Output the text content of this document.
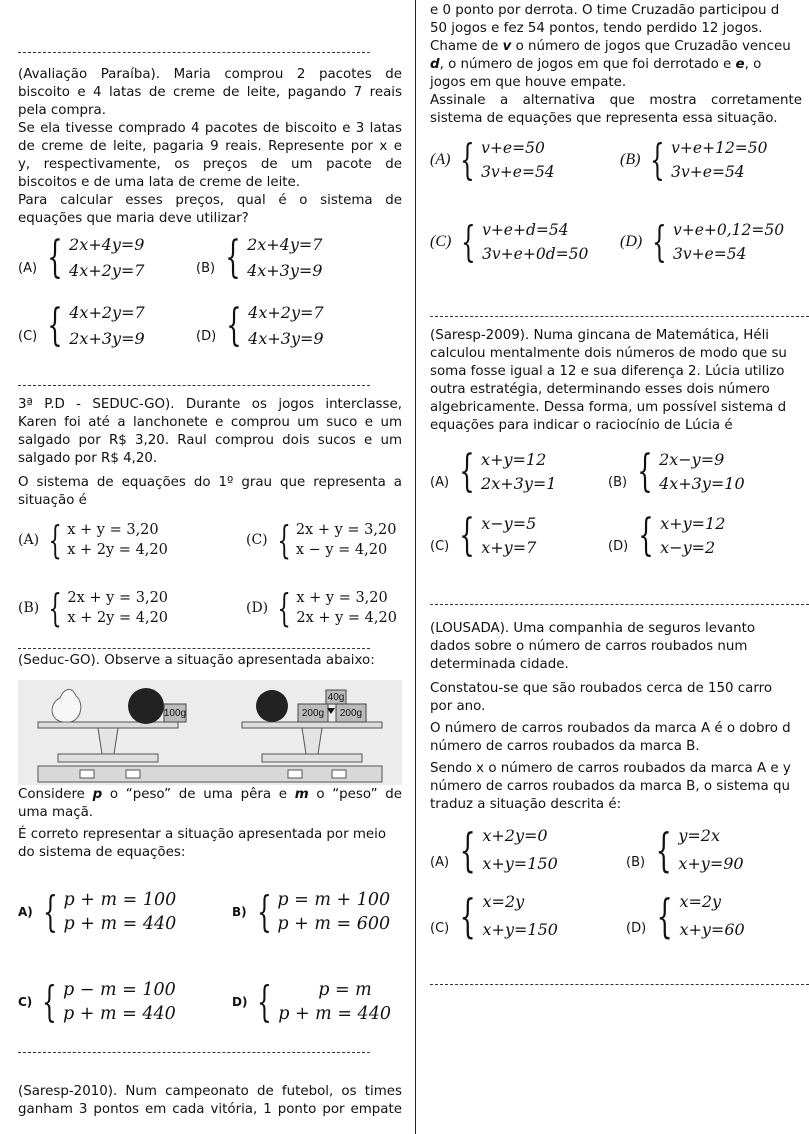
(Avaliação Paraíba). Maria comprou 2 pacotes de
biscoito e 4 latas de creme de leite, pagando 7 reais
pela compra.
Se ela tivesse comprado 4 pacotes de biscoito e 3 latas
de creme de leite, pagaria 9 reais. Represente por x e
y, respectivamente, os preços de um pacote de
biscoitos e de uma lata de creme de leite.
Para calcular esses preços, qual é o sistema de
equações que maria deve utilizar?
(A) { 2x+4y=9
4x+2y=7	(B) { 2x+4y=7
4x+3y=9
(C) { 4x+2y=7
2x+3y=9	(D) { 4x+2y=7
4x+3y=9
3ª P.D - SEDUC-GO). Durante os jogos interclasse,
Karen foi até a lanchonete e comprou um suco e um
salgado por R$ 3,20. Raul comprou dois sucos e um
salgado por R$ 4,20.
O sistema de equações do 1º grau que representa a
situação é
(A) { x + y = 3,20
x + 2y = 4,20
(C) { 2x + y = 3,20
x − y = 4,20
(B) { 2x + y = 3,20
x + 2y = 4,20
(D) { x + y = 3,20
2x + y = 4,20
(Seduc-GO). Observe a situação apresentada abaixo:
100g
40g
200g 200g
Considere p o “peso” de uma pêra e m o “peso” de
uma maçã.
É correto representar a situação apresentada por meio
do sistema de equações:
A) { p + m = 100
p + m = 440
B) { p = m + 100
p + m = 600
C) { p − m = 100
p + m = 440
D) {	p = m
p + m = 440
(Saresp-2010). Num campeonato de futebol, os times
ganham 3 pontos em cada vitória, 1 ponto por empate
e 0 ponto por derrota. O time Cruzadão participou d
50 jogos e fez 54 pontos, tendo perdido 12 jogos.
Chame de v o número de jogos que Cruzadão venceu
d, o número de jogos em que foi derrotado e e, o
jogos em que houve empate.
Assinale a alternativa que mostra corretamente
sistema de equações que representa essa situação.
(A) { v+e=50
3v+e=54
(B) { v+e+12=50
3v+e=54
(C) { v+e+d=54
3v+e+0d=50
(D) { v+e+0,12=50
3v+e=54
(Saresp-2009). Numa gincana de Matemática, Héli
calculou mentalmente dois números de modo que su
soma fosse igual a 12 e sua diferença 2. Lúcia utilizo
outra estratégia, determinando esses dois número
algebricamente. Dessa forma, um possível sistema d
equações para indicar o raciocínio de Lúcia é
(A) { x+y=12
2x+3y=1	(B) { 2x−y=9
4x+3y=10
(C) { x−y=5
x+y=7	(D) { x+y=12
x−y=2
(LOUSADA). Uma companhia de seguros levanto
dados sobre o número de carros roubados num
determinada cidade.
Constatou-se que são roubados cerca de 150 carro
por ano.
O número de carros roubados da marca A é o dobro d
número de carros roubados da marca B.
Sendo x o número de carros roubados da marca A e y
número de carros roubados da marca B, o sistema qu
traduz a situação descrita é:
(A) { x+2y=0
x+y=150	(B) { y=2x
x+y=90
(C) { x=2y
x+y=150	(D) { x=2y
x+y=60
